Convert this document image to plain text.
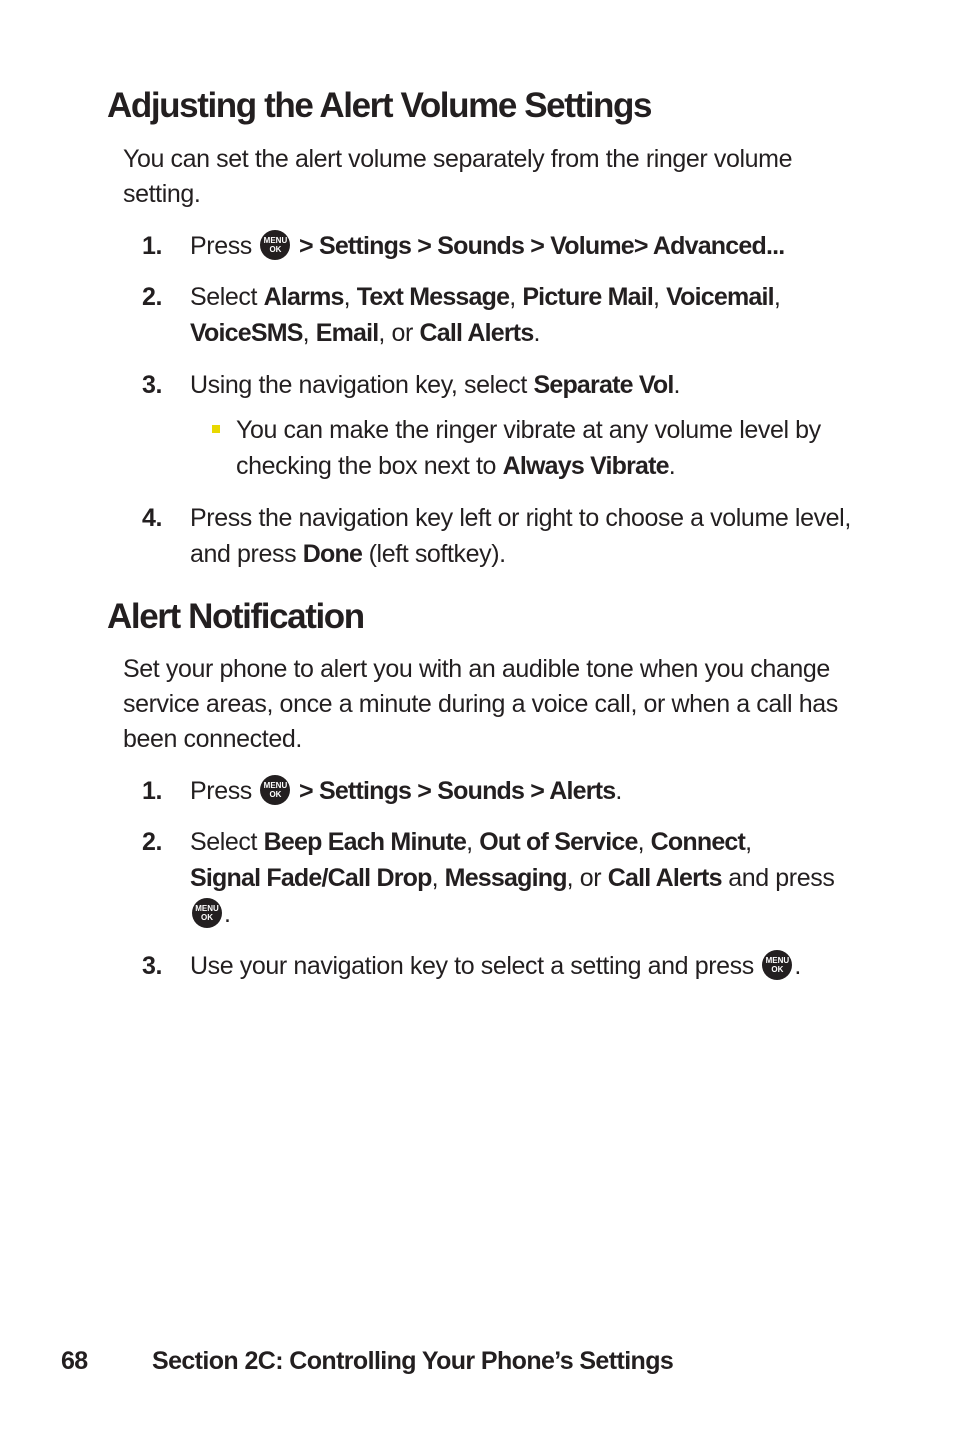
Adjusting the Alert Volume Settings

You can set the alert volume separately from the ringer volume setting.

1.	Press	MENU
OK > Settings > Sounds > Volume> Advanced...
2.	Select Alarms, Text Message, Picture Mail, Voicemail,
VoiceSMS, Email, or Call Alerts.
3.	Using the navigation key, select Separate Vol.
You can make the ringer vibrate at any volume level by checking the box next to Always Vibrate.
4.	Press the navigation key left or right to choose a volume level, and press Done (left softkey).
Alert Notification

Set your phone to alert you with an audible tone when you change service areas, once a minute during a voice call, or when a call has been connected.

1.	Press	MENU
OK > Settings > Sounds > Alerts.
2.	Select Beep Each Minute, Out of Service, Connect,
Signal Fade/Call Drop, Messaging, or Call Alerts and press
MENU
OK .
3.	Use your navigation key to select a setting and press	MENU
OK .
68	Section 2C: Controlling Your Phone’s Settings
